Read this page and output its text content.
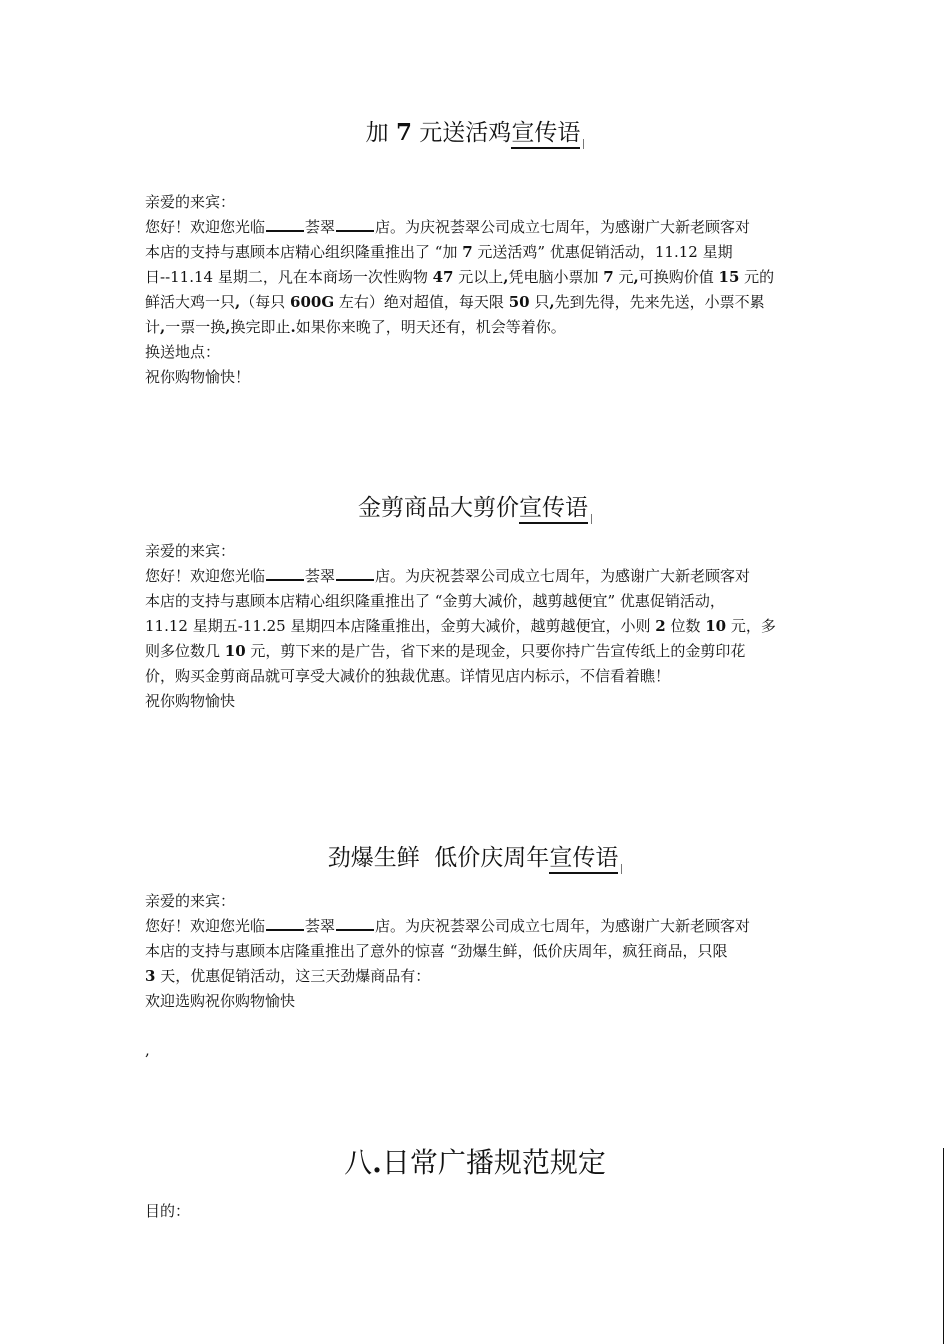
加 7 元送活鸡宣传语
亲爱的来宾：
您好！欢迎您光临	荟翠	店。为庆祝荟翠公司成立七周年，为感谢广大新老顾客对
本店的支持与惠顾本店精心组织隆重推出了 “加 7 元送活鸡” 优惠促销活动，11.12 星期
日--11.14 星期二，凡在本商场一次性购物 47 元以上,凭电脑小票加 7 元,可换购价值 15 元的
鲜活大鸡一只,（每只 600G 左右）绝对超值，每天限 50 只,先到先得，先来先送，小票不累
计,一票一换,换完即止.如果你来晚了，明天还有，机会等着你。
换送地点：
祝你购物愉快！
金剪商品大剪价宣传语
亲爱的来宾：
您好！欢迎您光临	荟翠	店。为庆祝荟翠公司成立七周年，为感谢广大新老顾客对
本店的支持与惠顾本店精心组织隆重推出了 “金剪大减价，越剪越便宜” 优惠促销活动，
11.12 星期五-11.25 星期四本店隆重推出，金剪大减价，越剪越便宜，小则 2 位数 10 元，多
则多位数几 10 元，剪下来的是广告，省下来的是现金，只要你持广告宣传纸上的金剪印花
价，购买金剪商品就可享受大减价的独裁优惠。详情见店内标示，不信看着瞧！
祝你购物愉快
劲爆生鲜  低价庆周年宣传语
亲爱的来宾：
您好！欢迎您光临	荟翠	店。为庆祝荟翠公司成立七周年，为感谢广大新老顾客对
本店的支持与惠顾本店隆重推出了意外的惊喜 “劲爆生鲜，低价庆周年，疯狂商品，只限
3 天，优惠促销活动，这三天劲爆商品有：
欢迎选购祝你购物愉快
,
八.日常广播规范规定
目的：
